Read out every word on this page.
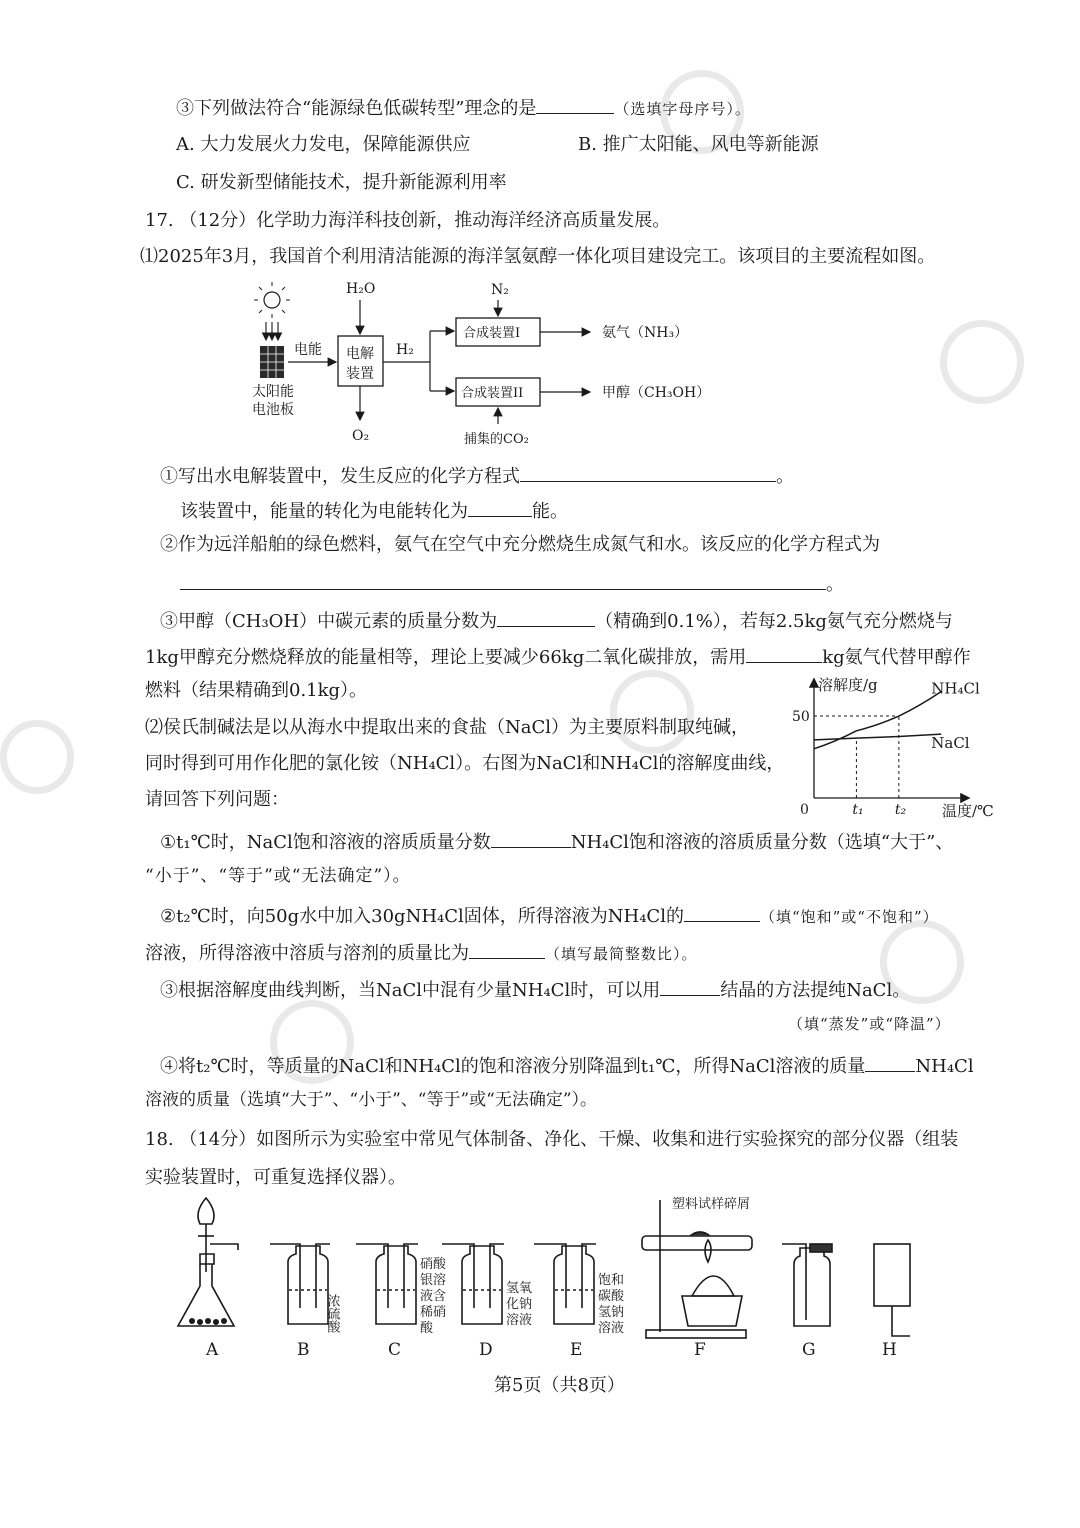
③下列做法符合“能源绿色低碳转型”理念的是	（选填字母序号）。
A. 大力发展火力发电，保障能源供应	B. 推广太阳能、风电等新能源
C. 研发新型储能技术，提升新能源利用率
17. （12分）化学助力海洋科技创新，推动海洋经济高质量发展。
⑴2025年3月，我国首个利用清洁能源的海洋氢氨醇一体化项目建设完工。该项目的主要流程如图。
太阳能
电池板
电能 电解
装置
H₂O
O₂
H₂
N₂
合成装置I
合成装置II
氨气（NH₃）
甲醇（CH₃OH）
捕集的CO₂
①写出水电解装置中，发生反应的化学方程式	。
该装置中，能量的转化为电能转化为	能。
②作为远洋船舶的绿色燃料，氨气在空气中充分燃烧生成氮气和水。该反应的化学方程式为
。
③甲醇（CH₃OH）中碳元素的质量分数为	（精确到0.1%），若每2.5kg氨气充分燃烧与
1kg甲醇充分燃烧释放的能量相等，理论上要减少66kg二氧化碳排放，需用	kg氨气代替甲醇作
燃料（结果精确到0.1kg）。
⑵侯氏制碱法是以从海水中提取出来的食盐（NaCl）为主要原料制取纯碱，
同时得到可用作化肥的氯化铵（NH₄Cl）。右图为NaCl和NH₄Cl的溶解度曲线，
请回答下列问题：
溶解度/g
温度/℃
0
50
t₁ t₂
NH₄Cl
NaCl
①t₁℃时，NaCl饱和溶液的溶质质量分数	NH₄Cl饱和溶液的溶质质量分数（选填“大于”、
“小于”、“等于”或“无法确定”）。
②t₂℃时，向50g水中加入30gNH₄Cl固体，所得溶液为NH₄Cl的	（填“饱和”或“不饱和”）
溶液，所得溶液中溶质与溶剂的质量比为	（填写最简整数比）。
③根据溶解度曲线判断，当NaCl中混有少量NH₄Cl时，可以用	结晶的方法提纯NaCl。
（填“蒸发”或“降温”）
④将t₂℃时，等质量的NaCl和NH₄Cl的饱和溶液分别降温到t₁℃，所得NaCl溶液的质量	NH₄Cl
溶液的质量（选填“大于”、“小于”、“等于”或“无法确定”）。
18. （14分）如图所示为实验室中常见气体制备、净化、干燥、收集和进行实验探究的部分仪器（组装
实验装置时，可重复选择仪器）。
浓硫酸
硝酸
银溶
液含
稀硝
酸
氢氧
化钠
溶液
饱和
碳酸
氢钠
溶液
塑料试样碎屑
A	B	C	D	E	F	G	H
第5页（共8页）
